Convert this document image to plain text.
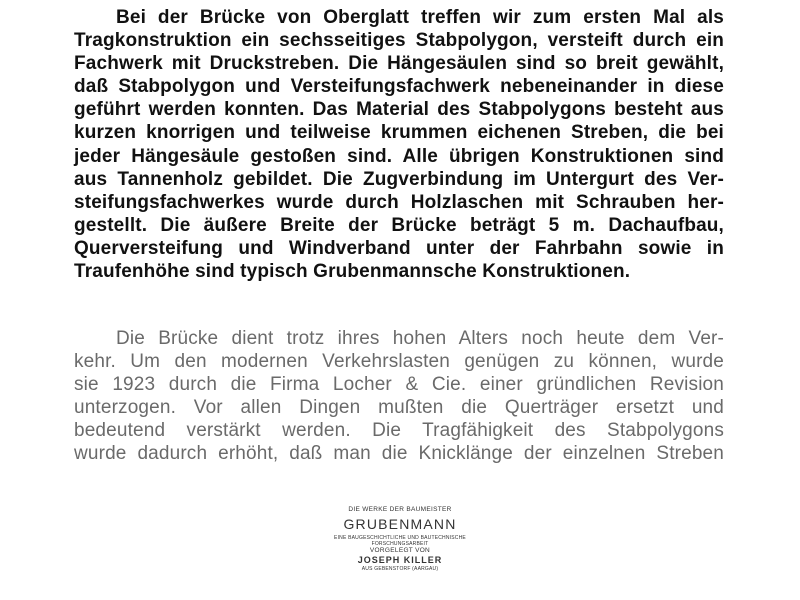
Bei der Brücke von Oberglatt treffen wir zum ersten Mal als
Tragkonstruktion ein sechsseitiges Stabpolygon, versteift durch ein
Fachwerk mit Druckstreben. Die Hängesäulen sind so breit gewählt,
daß Stabpolygon und Versteifungsfachwerk nebeneinander in diese
geführt werden konnten. Das Material des Stabpolygons besteht aus
kurzen knorrigen und teilweise krummen eichenen Streben, die bei
jeder Hängesäule gestoßen sind. Alle übrigen Konstruktionen sind
aus Tannenholz gebildet. Die Zugverbindung im Untergurt des Ver-
steifungsfachwerkes wurde durch Holzlaschen mit Schrauben her-
gestellt. Die äußere Breite der Brücke beträgt 5 m. Dachaufbau,
Querversteifung und Windverband unter der Fahrbahn sowie in
Traufenhöhe sind typisch Grubenmannsche Konstruktionen.
Die Brücke dient trotz ihres hohen Alters noch heute dem Ver-
kehr. Um den modernen Verkehrslasten genügen zu können, wurde
sie 1923 durch die Firma Locher & Cie. einer gründlichen Revision
unterzogen. Vor allen Dingen mußten die Querträger ersetzt und
bedeutend verstärkt werden. Die Tragfähigkeit des Stabpolygons
wurde dadurch erhöht, daß man die Knicklänge der einzelnen Streben
DIE WERKE DER BAUMEISTER
GRUBENMANN
EINE BAUGESCHICHTLICHE UND BAUTECHNISCHE
FORSCHUNGSARBEIT
VORGELEGT VON
JOSEPH KILLER
AUS GEBENSTORF (AARGAU)
